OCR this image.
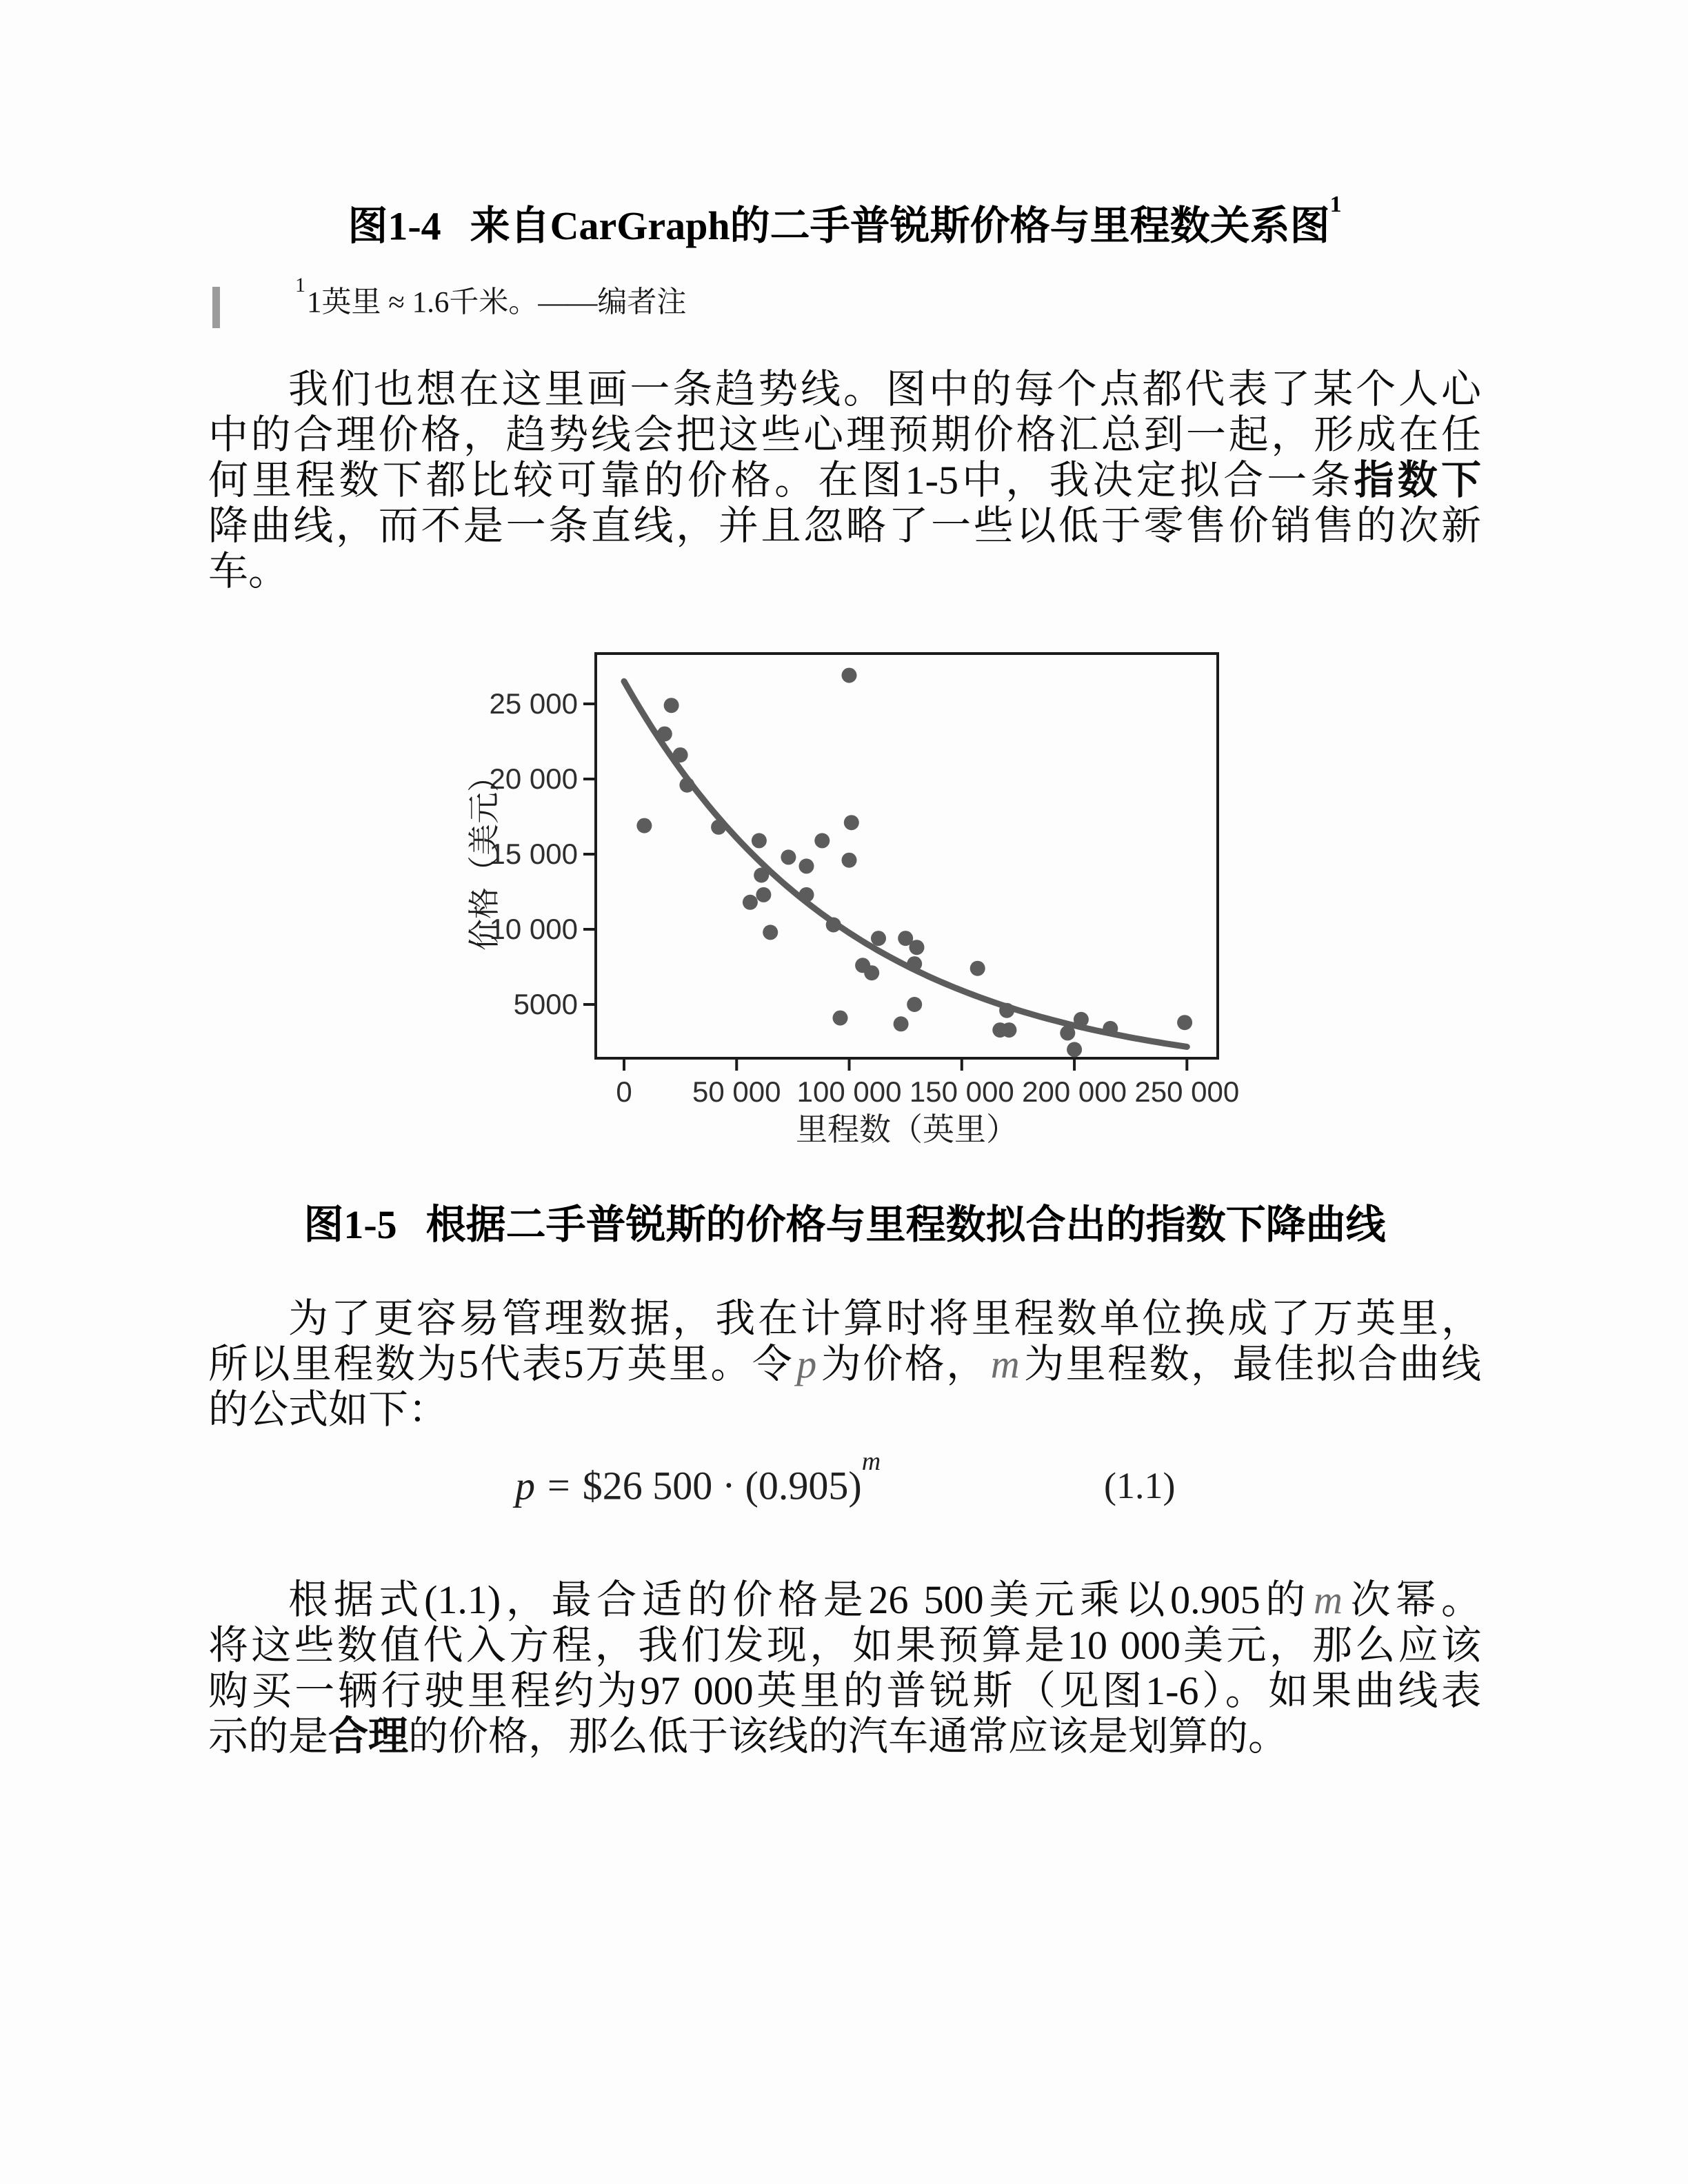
图1-4 来自CarGraph的二手普锐斯价格与里程数关系图$^1$
$^1$1英里 ≈ 1.6千米。——编者注
我们也想在这里画一条趋势线。图中的每个点都代表了某个人心
中的合理价格，趋势线会把这些心理预期价格汇总到一起，形成在任
何里程数下都比较可靠的价格。在图1-5中，我决定拟合一条指数下
降曲线，而不是一条直线，并且忽略了一些以低于零售价销售的次新
车。
0 50 000 100 000 150 000 200 000 250 000
5000
10 000
15 000
20 000
25 000
里程数（英里）
价格（美元）
图1-5 根据二手普锐斯的价格与里程数拟合出的指数下降曲线
为了更容易管理数据，我在计算时将里程数单位换成了万英里，
所以里程数为5代表5万英里。令p为价格，m为里程数，最佳拟合曲线
的公式如下：
p = $26 $500 \cdot (0.905)^m$
(1.1)
根据式(1.1)，最合适的价格是26 500美元乘以0.905的m次幂。
将这些数值代入方程，我们发现，如果预算是10 000美元，那么应该
购买一辆行驶里程约为97 000英里的普锐斯（见图1-6）。如果曲线表
示的是合理的价格，那么低于该线的汽车通常应该是划算的。
